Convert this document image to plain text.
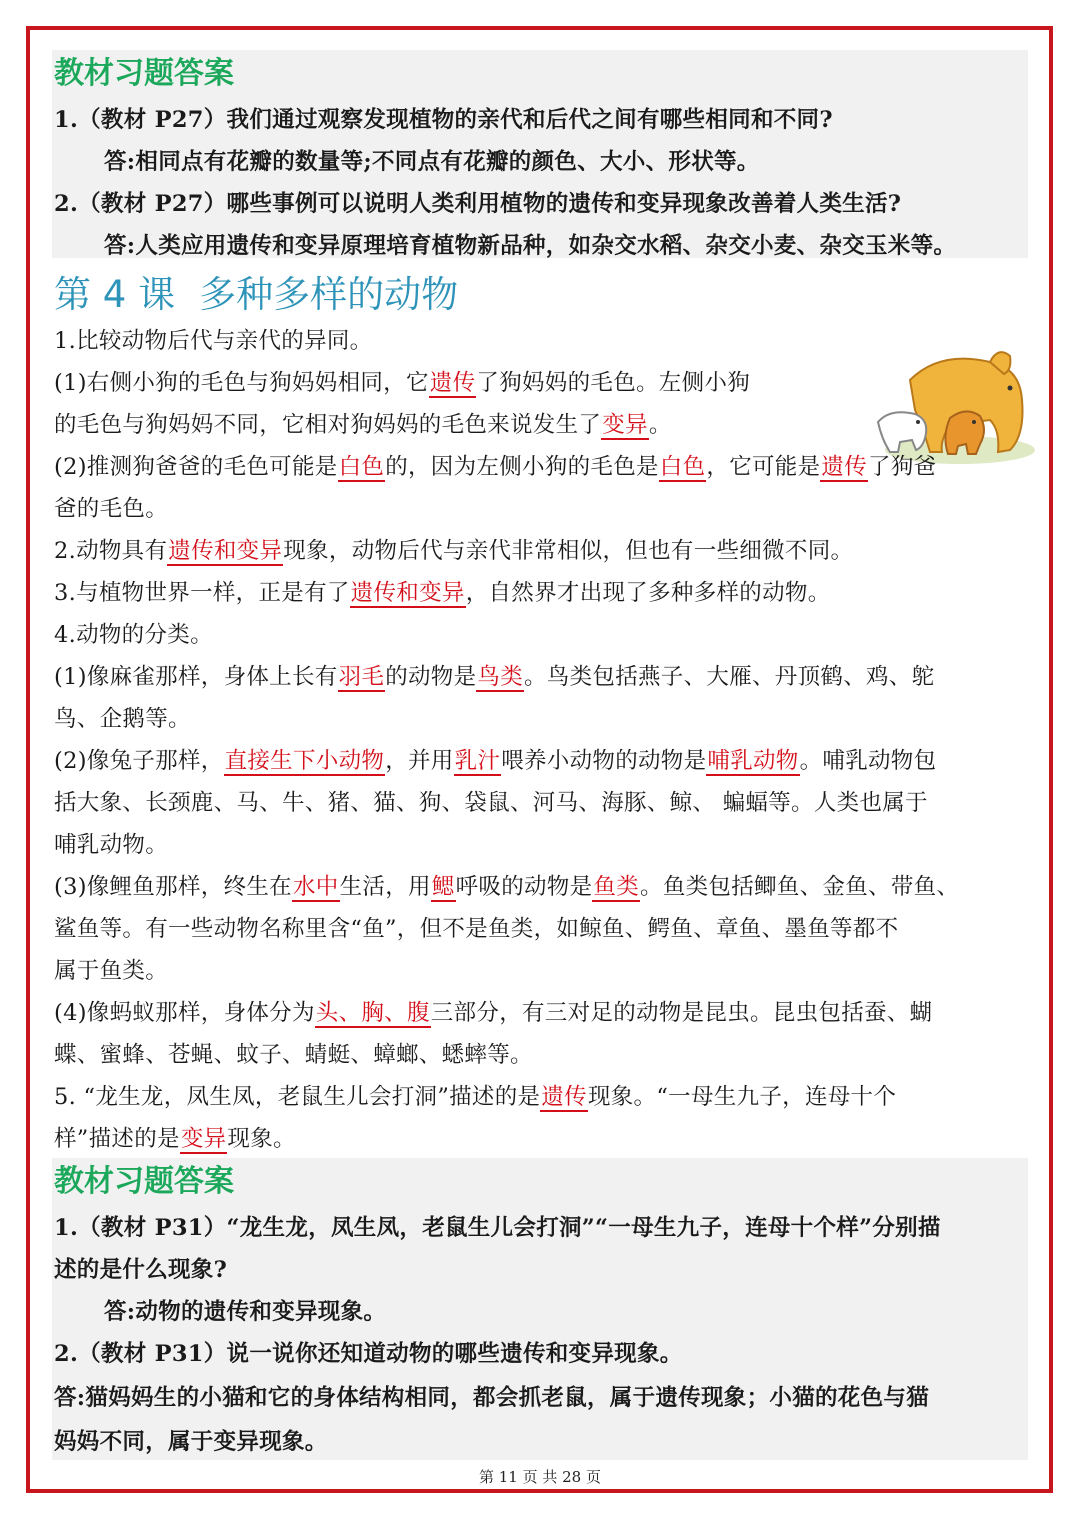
教材习题答案
1.（教材 P27）我们通过观察发现植物的亲代和后代之间有哪些相同和不同?
答:相同点有花瓣的数量等;不同点有花瓣的颜色、大小、形状等。
2.（教材 P27）哪些事例可以说明人类利用植物的遗传和变异现象改善着人类生活?
答:人类应用遗传和变异原理培育植物新品种，如杂交水稻、杂交小麦、杂交玉米等。
第 4 课 多种多样的动物
1.比较动物后代与亲代的异同。
(1)右侧小狗的毛色与狗妈妈相同，它遗传了狗妈妈的毛色。左侧小狗
的毛色与狗妈妈不同，它相对狗妈妈的毛色来说发生了变异。
(2)推测狗爸爸的毛色可能是白色的，因为左侧小狗的毛色是白色，它可能是遗传了狗爸
爸的毛色。
2.动物具有遗传和变异现象，动物后代与亲代非常相似，但也有一些细微不同。
3.与植物世界一样，正是有了遗传和变异，自然界才出现了多种多样的动物。
4.动物的分类。
(1)像麻雀那样，身体上长有羽毛的动物是鸟类。鸟类包括燕子、大雁、丹顶鹤、鸡、鸵
鸟、企鹅等。
(2)像兔子那样，直接生下小动物，并用乳汁喂养小动物的动物是哺乳动物。哺乳动物包
括大象、长颈鹿、马、牛、猪、猫、狗、袋鼠、河马、海豚、鲸、 蝙蝠等。人类也属于
哺乳动物。
(3)像鲤鱼那样，终生在水中生活，用鳃呼吸的动物是鱼类。鱼类包括鲫鱼、金鱼、带鱼、
鲨鱼等。有一些动物名称里含“鱼”，但不是鱼类，如鲸鱼、鳄鱼、章鱼、墨鱼等都不
属于鱼类。
(4)像蚂蚁那样，身体分为头、胸、腹三部分，有三对足的动物是昆虫。昆虫包括蚕、蝴
蝶、蜜蜂、苍蝇、蚊子、蜻蜓、蟑螂、蟋蟀等。
5. “龙生龙，凤生凤，老鼠生儿会打洞”描述的是遗传现象。“一母生九子，连母十个
样”描述的是变异现象。
教材习题答案
1.（教材 P31）“龙生龙，凤生凤，老鼠生儿会打洞”“一母生九子，连母十个样”分别描
述的是什么现象?
答:动物的遗传和变异现象。
2.（教材 P31）说一说你还知道动物的哪些遗传和变异现象。
答:猫妈妈生的小猫和它的身体结构相同，都会抓老鼠，属于遗传现象；小猫的花色与猫
妈妈不同，属于变异现象。
第 11 页 共 28 页
